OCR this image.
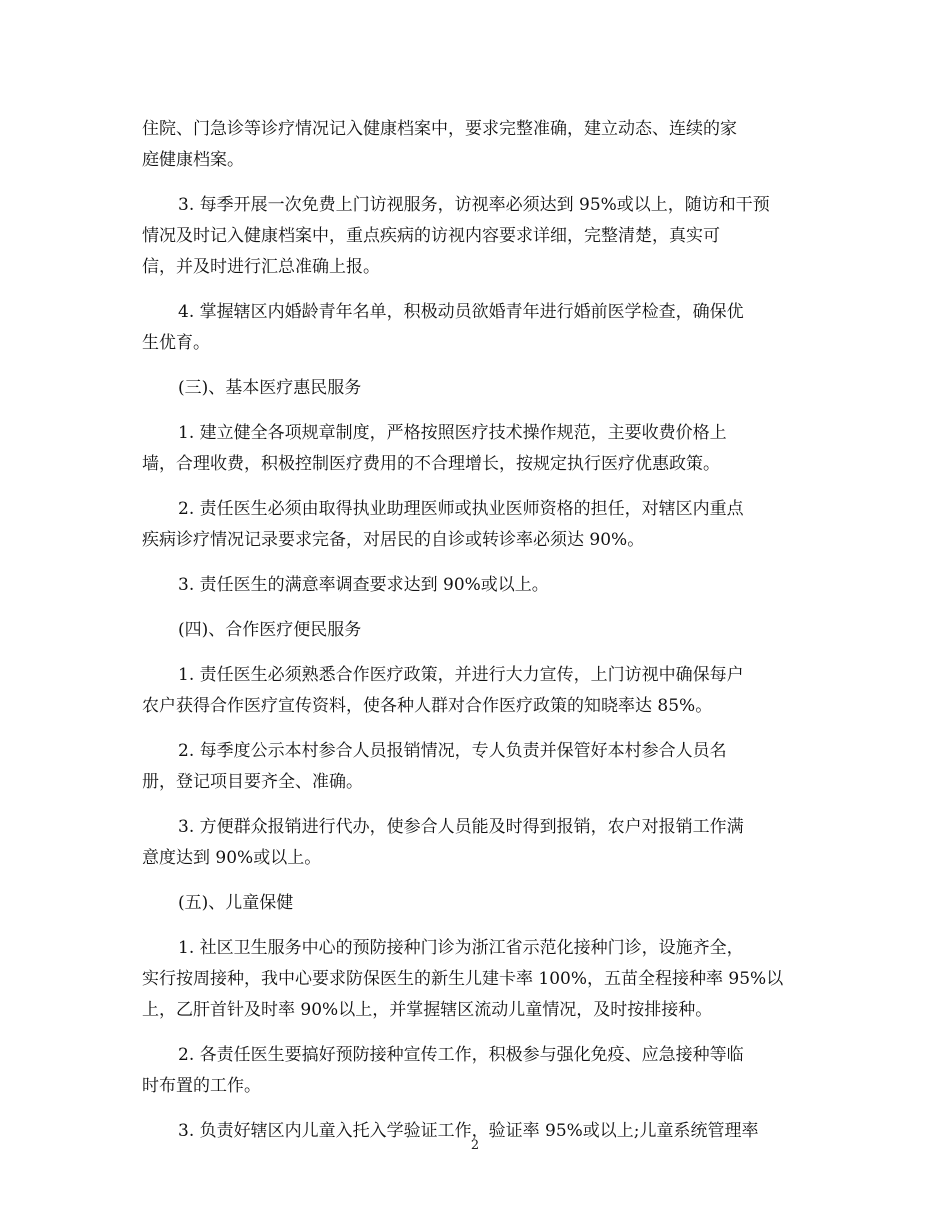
住院、门急诊等诊疗情况记入健康档案中，要求完整准确，建立动态、连续的家
庭健康档案。
3. 每季开展一次免费上门访视服务，访视率必须达到 95%或以上，随访和干预
情况及时记入健康档案中，重点疾病的访视内容要求详细，完整清楚，真实可
信，并及时进行汇总准确上报。
4. 掌握辖区内婚龄青年名单，积极动员欲婚青年进行婚前医学检查，确保优
生优育。
(三)、基本医疗惠民服务
1. 建立健全各项规章制度，严格按照医疗技术操作规范，主要收费价格上
墙，合理收费，积极控制医疗费用的不合理增长，按规定执行医疗优惠政策。
2. 责任医生必须由取得执业助理医师或执业医师资格的担任，对辖区内重点
疾病诊疗情况记录要求完备，对居民的自诊或转诊率必须达 90%。
3. 责任医生的满意率调查要求达到 90%或以上。
(四)、合作医疗便民服务
1. 责任医生必须熟悉合作医疗政策，并进行大力宣传，上门访视中确保每户
农户获得合作医疗宣传资料，使各种人群对合作医疗政策的知晓率达 85%。
2. 每季度公示本村参合人员报销情况，专人负责并保管好本村参合人员名
册，登记项目要齐全、准确。
3. 方便群众报销进行代办，使参合人员能及时得到报销，农户对报销工作满
意度达到 90%或以上。
(五)、儿童保健
1. 社区卫生服务中心的预防接种门诊为浙江省示范化接种门诊，设施齐全，
实行按周接种，我中心要求防保医生的新生儿建卡率 100%，五苗全程接种率 95%以
上，乙肝首针及时率 90%以上，并掌握辖区流动儿童情况，及时按排接种。
2. 各责任医生要搞好预防接种宣传工作，积极参与强化免疫、应急接种等临
时布置的工作。
3. 负责好辖区内儿童入托入学验证工作，验证率 95%或以上;儿童系统管理率
2
